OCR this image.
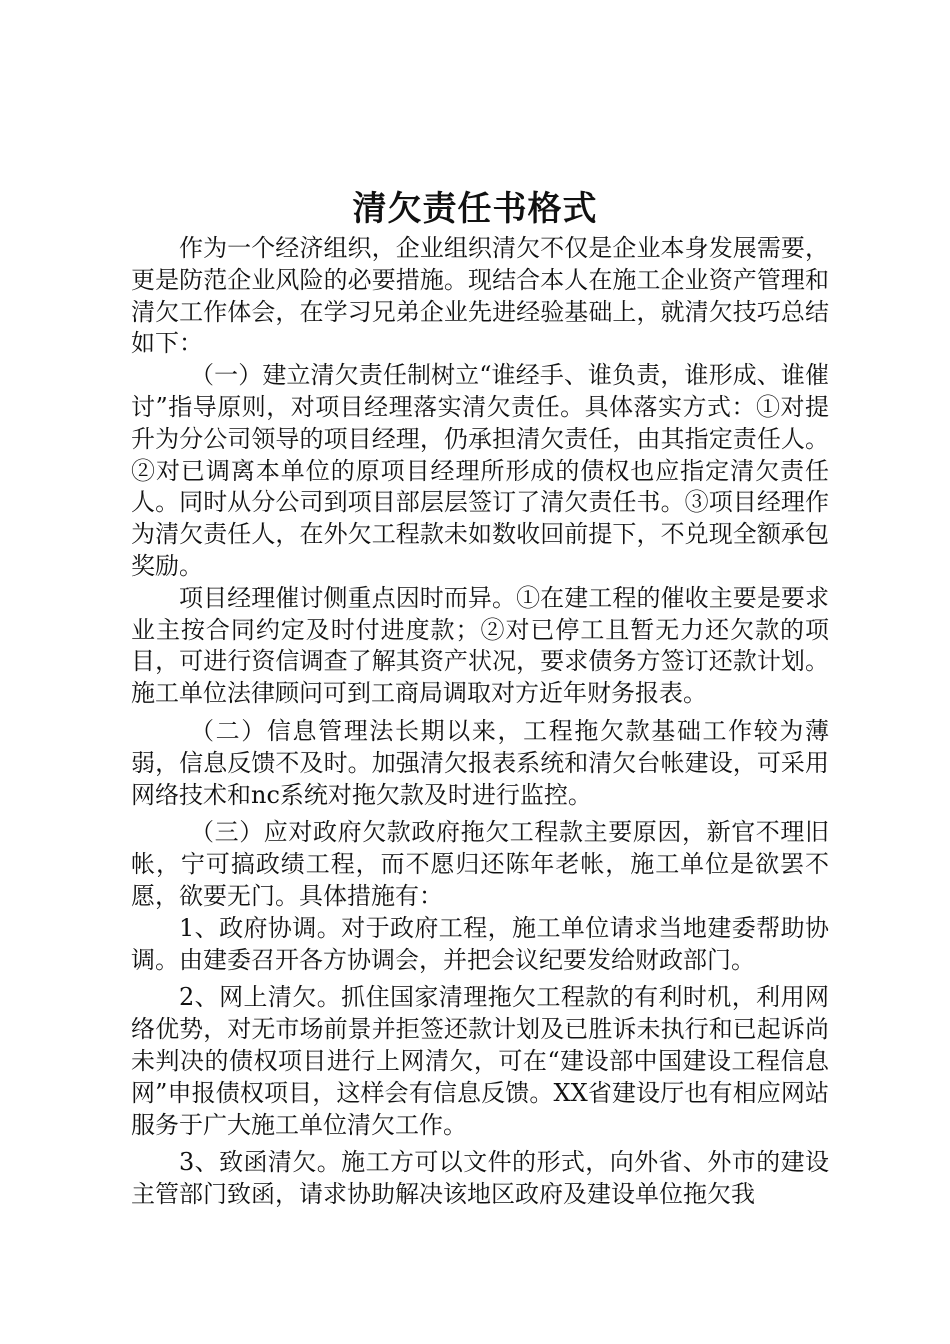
清欠责任书格式

作为一个经济组织，企业组织清欠不仅是企业本身发展需要，更是防范企业风险的必要措施。现结合本人在施工企业资产管理和清欠工作体会，在学习兄弟企业先进经验基础上，就清欠技巧总结如下：

（一）建立清欠责任制树立“谁经手、谁负责，谁形成、谁催讨”指导原则，对项目经理落实清欠责任。具体落实方式：①对提升为分公司领导的项目经理，仍承担清欠责任，由其指定责任人。②对已调离本单位的原项目经理所形成的债权也应指定清欠责任人。同时从分公司到项目部层层签订了清欠责任书。③项目经理作为清欠责任人，在外欠工程款未如数收回前提下，不兑现全额承包奖励。

项目经理催讨侧重点因时而异。①在建工程的催收主要是要求业主按合同约定及时付进度款；②对已停工且暂无力还欠款的项目，可进行资信调查了解其资产状况，要求债务方签订还款计划。施工单位法律顾问可到工商局调取对方近年财务报表。

（二）信息管理法长期以来，工程拖欠款基础工作较为薄弱，信息反馈不及时。加强清欠报表系统和清欠台帐建设，可采用网络技术和nc系统对拖欠款及时进行监控。

（三）应对政府欠款政府拖欠工程款主要原因，新官不理旧帐，宁可搞政绩工程，而不愿归还陈年老帐，施工单位是欲罢不愿，欲要无门。具体措施有：

1、政府协调。对于政府工程，施工单位请求当地建委帮助协调。由建委召开各方协调会，并把会议纪要发给财政部门。

2、网上清欠。抓住国家清理拖欠工程款的有利时机，利用网络优势，对无市场前景并拒签还款计划及已胜诉未执行和已起诉尚未判决的债权项目进行上网清欠，可在“建设部中国建设工程信息网”申报债权项目，这样会有信息反馈。XX省建设厅也有相应网站服务于广大施工单位清欠工作。

3、致函清欠。施工方可以文件的形式，向外省、外市的建设主管部门致函，请求协助解决该地区政府及建设单位拖欠我
